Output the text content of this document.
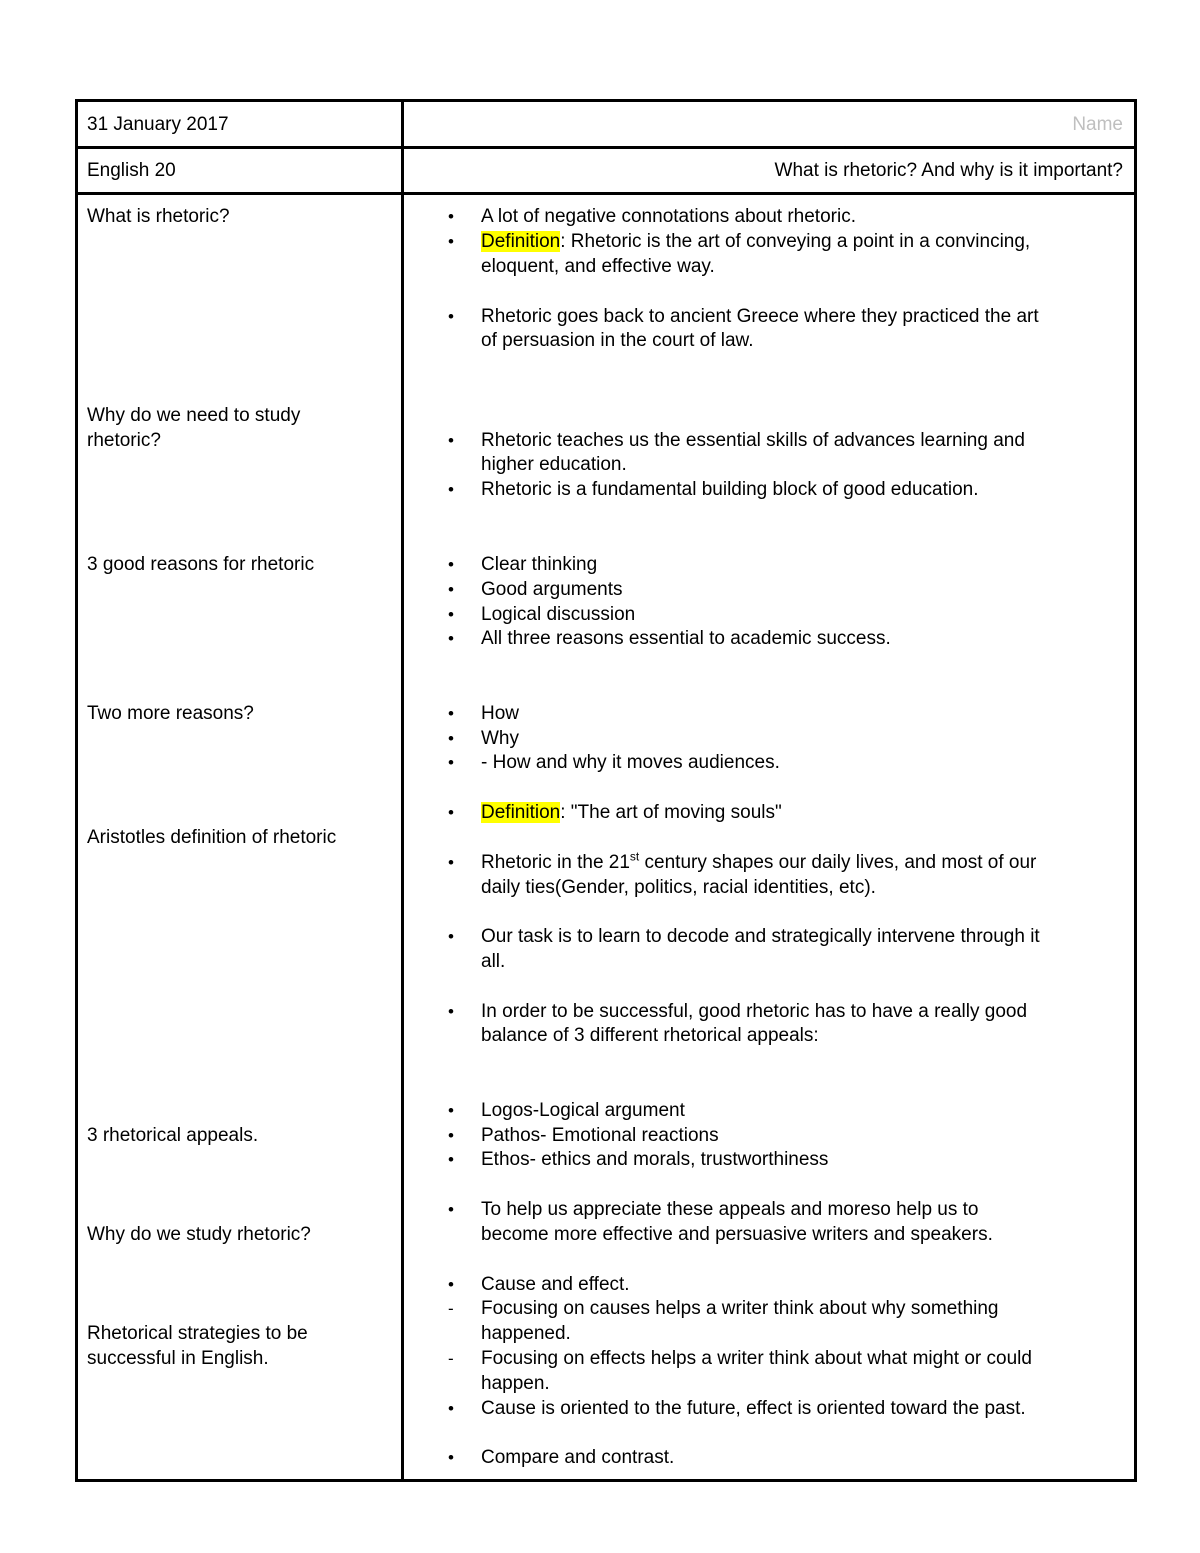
31 January 2017	Name
English 20	What is rhetoric? And why is it important?
What is rhetoric?
Why do we need to study
rhetoric?
3 good reasons for rhetoric
Two more reasons?
Aristotles definition of rhetoric
3 rhetorical appeals.
Why do we study rhetoric?
Rhetorical strategies to be
successful in English.
• A lot of negative connotations about rhetoric.
• Definition: Rhetoric is the art of conveying a point in a convincing,
eloquent, and effective way.
• Rhetoric goes back to ancient Greece where they practiced the art
of persuasion in the court of law.
• Rhetoric teaches us the essential skills of advances learning and
higher education.
• Rhetoric is a fundamental building block of good education.
• Clear thinking
• Good arguments
• Logical discussion
• All three reasons essential to academic success.
• How
• Why
• - How and why it moves audiences.
• Definition: "The art of moving souls"
• Rhetoric in the 21st century shapes our daily lives, and most of our
daily ties(Gender, politics, racial identities, etc).
• Our task is to learn to decode and strategically intervene through it
all.
• In order to be successful, good rhetoric has to have a really good
balance of 3 different rhetorical appeals:
• Logos-Logical argument
• Pathos- Emotional reactions
• Ethos- ethics and morals, trustworthiness
• To help us appreciate these appeals and moreso help us to
become more effective and persuasive writers and speakers.
• Cause and effect.
- Focusing on causes helps a writer think about why something
happened.
- Focusing on effects helps a writer think about what might or could
happen.
• Cause is oriented to the future, effect is oriented toward the past.
• Compare and contrast.
